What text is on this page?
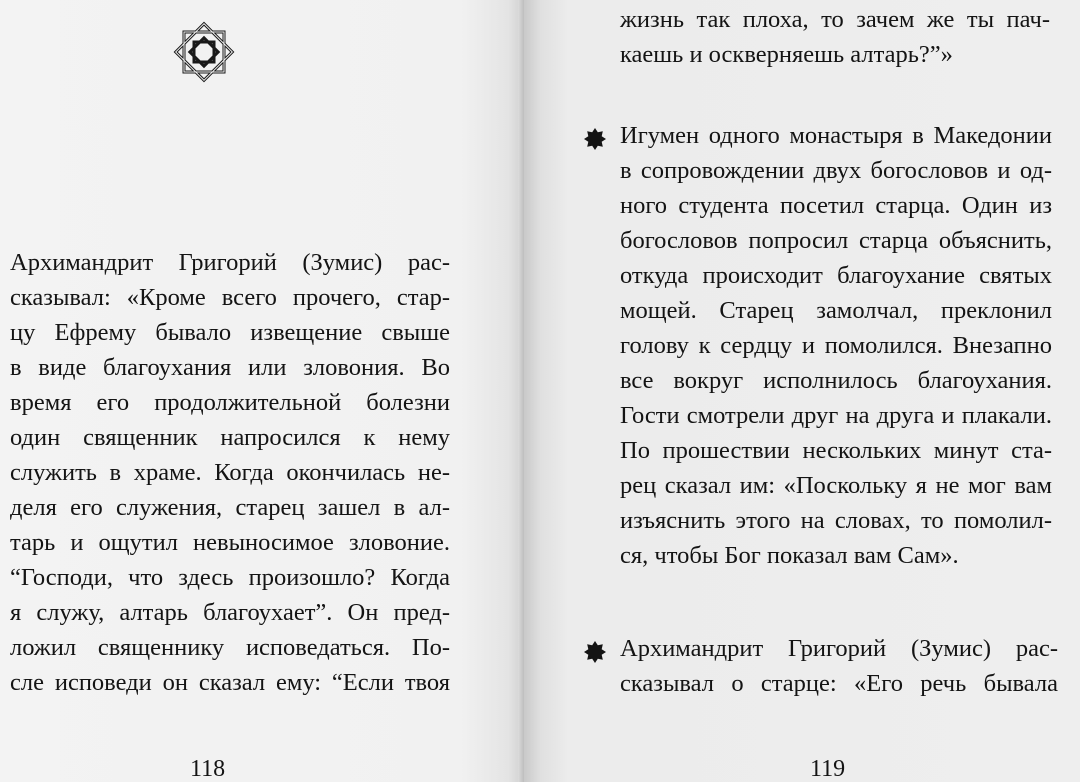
Архимандрит Григорий (Зумис) рас-
сказывал: «Кроме всего прочего, стар-
цу Ефрему бывало извещение свыше
в виде благоухания или зловония. Во
время его продолжительной болезни
один священник напросился к нему
служить в храме. Когда окончилась не-
деля его служения, старец зашел в ал-
тарь и ощутил невыносимое зловоние.
“Господи, что здесь произошло? Когда
я служу, алтарь благоухает”. Он пред-
ложил священнику исповедаться. По-
сле исповеди он сказал ему: “Если твоя
118
жизнь так плоха, то зачем же ты пач-
каешь и оскверняешь алтарь?”»
Игумен одного монастыря в Македонии
в сопровождении двух богословов и од-
ного студента посетил старца. Один из
богословов попросил старца объяснить,
откуда происходит благоухание святых
мощей. Старец замолчал, преклонил
голову к сердцу и помолился. Внезапно
все вокруг исполнилось благоухания.
Гости смотрели друг на друга и плакали.
По прошествии нескольких минут ста-
рец сказал им: «Поскольку я не мог вам
изъяснить этого на словах, то помолил-
ся, чтобы Бог показал вам Сам».
Архимандрит Григорий (Зумис) рас-
сказывал о старце: «Его речь бывала
119
